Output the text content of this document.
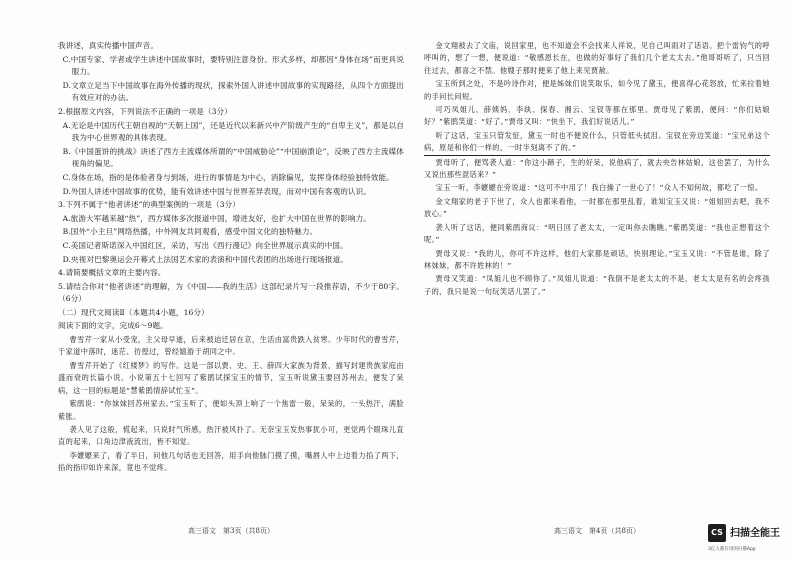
我讲述，真实传播中国声音。

C.中国专家、学者或学生讲述中国故事时，要特别注意身份、形式多样，却都因“身体在场”而更具说服力。

D.文章立足当下中国故事在海外传播的现状，探索外国人讲述中国故事的实现路径，从四个方面提出有效应对的办法。

2.根据原文内容，下列说法不正确的一项是（3分）

A.无论是中国历代王朝自视的“天朝上国”，还是近代以来新兴中产阶级产生的“自卑主义”，都是以自我为中心世界观的具体表现。

B.《中国蛋饼的挑战》讲述了西方主流媒体所谓的“中国威胁论”“中国崩溃论”，反映了西方主流媒体视角的偏见。

C.身体在场，指的是体验者身与到场，进行的事情是为中心，消除偏见，发挥身体经验独特效能。

D.外国人讲述中国故事的优势，能有效讲述中国与世界差异表现，而对中国有客观的认识。

3.下列不属于“他者讲述”的典型案例的一项是（3分）

A.旅游大军越来越“热”，西方媒体多次报道中国，增进友好，也扩大中国在世界的影响力。

B.国外“小主旦”网络热播，中外网友共同观看，感受中国文化的独特魅力。

C.美国记者斯诺深入中国红区，采访，写出《西行漫记》向全世界展示真实的中国。

D.央视对巴黎奥运会开幕式上法国艺术家的表演和中国代表团的出场进行现场报道。

4.请简要概括文章的主要内容。

5.请结合你对“他者讲述”的理解，为《中国——我的生活》这部纪录片写一段推荐语，不少于80字。（6分）

（二）现代文阅读Ⅱ（本题共4小题，16分）

阅读下面的文字，完成6～9题。

曹雪芹一家从小受宠，主父母早逝，后来被迫迁居在京，生活由富贵跌入贫寒。少年时代的曹雪芹，于家道中落时，迷茫、彷徨过，曾经嬉游于胡同之中。

曹雪芹开始了《红楼梦》的写作。这是一部以贾、史、王、薛四大家族为背景，描写封建贵族家庭由盛而衰的长篇小说。小说第五十七回写了紫鹃试探宝玉的情节，宝玉听说黛玉要回苏州去，便发了呆病，这一回的标题是“慧紫鹃情辞试忙玉”。

紫鹃说：“你妹妹回苏州家去。”宝玉听了，便如头顶上响了一个焦雷一般，呆呆的，一头热汗，满脸紫胀。

袭人见了这般，慌起来，只说时气所感，热汗被风扑了。无奈宝玉发热事犹小可，更觉两个眼珠儿直直的起来，口角边津液流出，皆不知觉。

李嬷嬷来了，看了半日，问他几句话也无回答，用手向他脉门摸了摸，嘴唇人中上边着力掐了两下，掐的指印如许来深，竟也不觉疼。

高三语文　第3页（共8页）

金文翔被去了文庙，说回家里，也不知道会不会找来人祥说，见自己叫雨对了话语。把个雷钧气的呼呼叫的，想了一想，便说道：“敬感恩长在，也做的好事好了我们几个老太太去。”他哥哥听了，只当回住过去，都喜之不禁。他嫂子那时便来了他上来见贾赦。

宝玉所到之处，不是吟诗作对，便是姊妹们说笑取乐，如今见了黛玉，便喜得心花怒放，忙来拉着她的手问长问短。

可巧凤姐儿、薛姨妈、李纨、探春、湘云、宝钗等都在那里。贾母见了紫鹃，便问：“你们姑娘好？”紫鹃笑道：“好了。”贾母又叫：“快坐下，我们好说话儿。”

听了这话，宝玉只管发怔，黛玉一时也不便说什么，只管低头拭泪。宝钗在旁边笑道：“宝兄弟这个病，原是和你们一样的，一时半刻离不了的。”

贾母听了，便骂袭人道：“你这小蹄子，生的好呆，说他病了，就去央告林姑娘，这也罢了，为什么又说出那些混话来？”

宝玉一听，李嬷嬷在旁说道：“这可不中用了！我白操了一世心了！”众人不知何故，都吃了一惊。

金文翔家的老子下世了，众人也都来看他，一时都在那里乱着，谁知宝玉又说：“姐姐回去吧，我不放心。”

袭人听了这话，便同紫鹃商议：“明日回了老太太，一定叫你去瞧瞧。”紫鹃笑道：“我也正想着这个呢。”

贾母又说：“我的儿，你可不许这样，他们大家都是顽话，快别理论。”宝玉又说：“不管是谁，除了林妹妹，都不许姓林的！”

贾母又笑道：“凤姐儿也不顾你了。”凤姐儿说道：“我倒不是老太太的不是，老太太是有名的会疼孩子的，我只是说一句玩笑话儿罢了。”

高三语文　第4页（共8页）	CS 扫描全能王
3亿人都在用的扫描App
